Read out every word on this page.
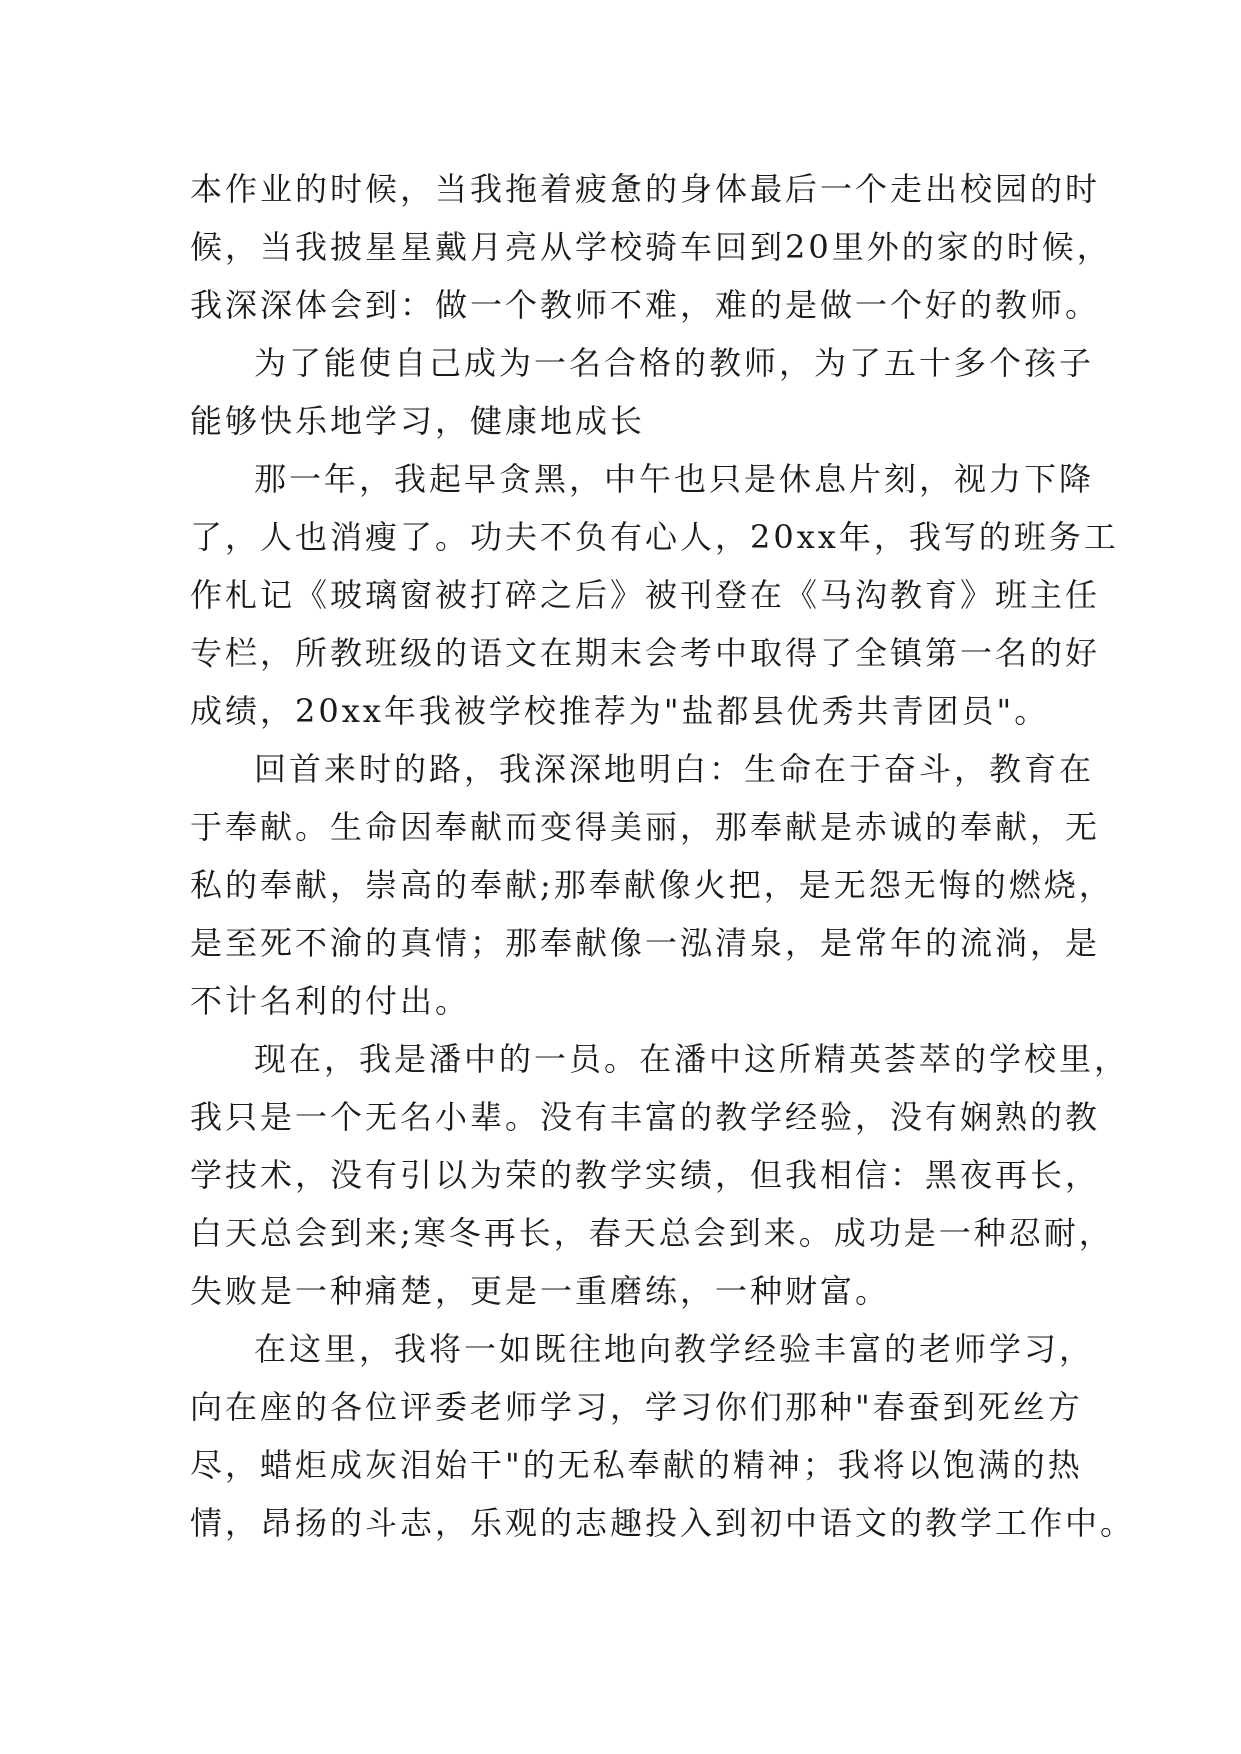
本作业的时候，当我拖着疲惫的身体最后一个走出校园的时
候，当我披星星戴月亮从学校骑车回到20里外的家的时候，
我深深体会到：做一个教师不难，难的是做一个好的教师。
为了能使自己成为一名合格的教师，为了五十多个孩子
能够快乐地学习，健康地成长
那一年，我起早贪黑，中午也只是休息片刻，视力下降
了，人也消瘦了。功夫不负有心人，20xx年，我写的班务工
作札记《玻璃窗被打碎之后》被刊登在《马沟教育》班主任
专栏，所教班级的语文在期末会考中取得了全镇第一名的好
成绩，20xx年我被学校推荐为"盐都县优秀共青团员"。
回首来时的路，我深深地明白：生命在于奋斗，教育在
于奉献。生命因奉献而变得美丽，那奉献是赤诚的奉献，无
私的奉献，崇高的奉献;那奉献像火把，是无怨无悔的燃烧，
是至死不渝的真情；那奉献像一泓清泉，是常年的流淌，是
不计名利的付出。
现在，我是潘中的一员。在潘中这所精英荟萃的学校里，
我只是一个无名小辈。没有丰富的教学经验，没有娴熟的教
学技术，没有引以为荣的教学实绩，但我相信：黑夜再长，
白天总会到来;寒冬再长，春天总会到来。成功是一种忍耐，
失败是一种痛楚，更是一重磨练，一种财富。
在这里，我将一如既往地向教学经验丰富的老师学习，
向在座的各位评委老师学习，学习你们那种"春蚕到死丝方
尽，蜡炬成灰泪始干"的无私奉献的精神；我将以饱满的热
情，昂扬的斗志，乐观的志趣投入到初中语文的教学工作中。
